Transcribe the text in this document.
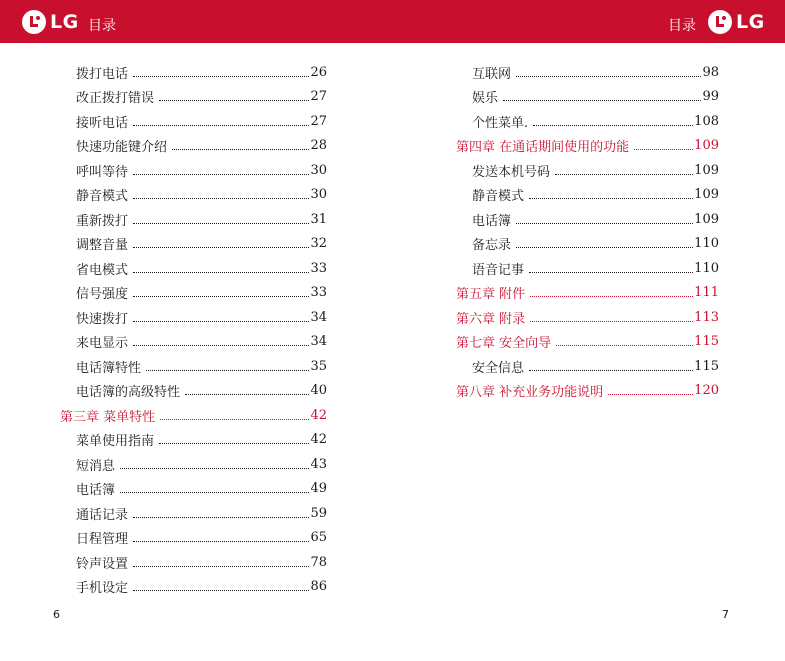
LG 目录	目录 LG
拨打电话	26
改正拨打错误	27
接听电话	27
快速功能键介绍	28
呼叫等待	30
静音模式	30
重新拨打	31
调整音量	32
省电模式	33
信号强度	33
快速拨打	34
来电显示	34
电话簿特性	35
电话簿的高级特性	40
第三章 菜单特性	42
菜单使用指南	42
短消息	43
电话簿	49
通话记录	59
日程管理	65
铃声设置	78
手机设定	86
互联网	98
娱乐	99
个性菜单.	108
第四章 在通话期间使用的功能	109
发送本机号码	109
静音模式	109
电话簿	109
备忘录	110
语音记事	110
第五章 附件	111
第六章 附录	113
第七章 安全向导	115
安全信息	115
第八章 补充业务功能说明	120
6	7
